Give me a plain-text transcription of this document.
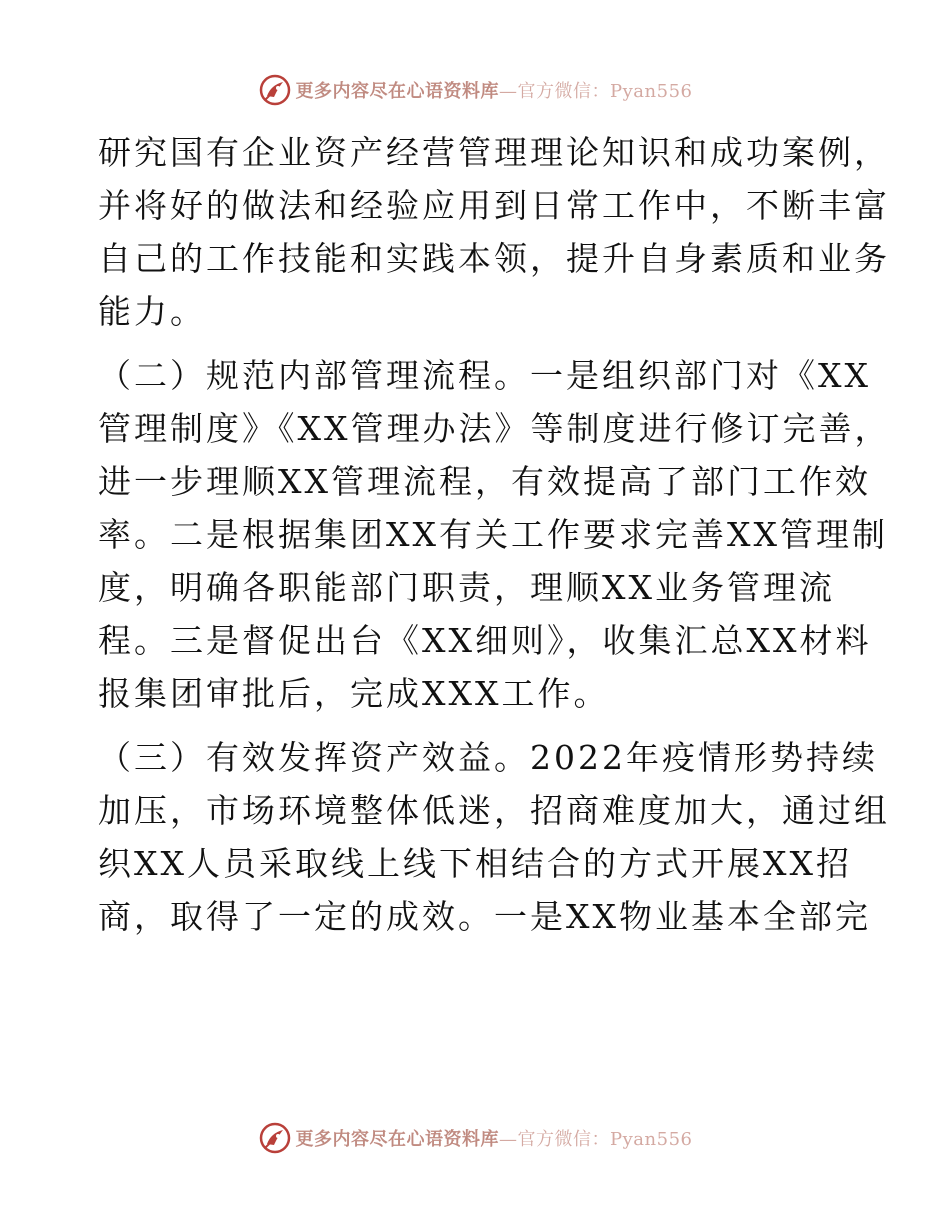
更多内容尽在心语资料库—官方微信：Pyan556
研究国有企业资产经营管理理论知识和成功案例，
并将好的做法和经验应用到日常工作中，不断丰富
自己的工作技能和实践本领，提升自身素质和业务
能力。
（二）规范内部管理流程。一是组织部门对《XX
管理制度》《XX管理办法》等制度进行修订完善，
进一步理顺XX管理流程，有效提高了部门工作效
率。二是根据集团XX有关工作要求完善XX管理制
度，明确各职能部门职责，理顺XX业务管理流
程。三是督促出台《XX细则》，收集汇总XX材料
报集团审批后，完成XXX工作。
（三）有效发挥资产效益。2022年疫情形势持续
加压，市场环境整体低迷，招商难度加大，通过组
织XX人员采取线上线下相结合的方式开展XX招
商，取得了一定的成效。一是XX物业基本全部完
更多内容尽在心语资料库—官方微信：Pyan556
